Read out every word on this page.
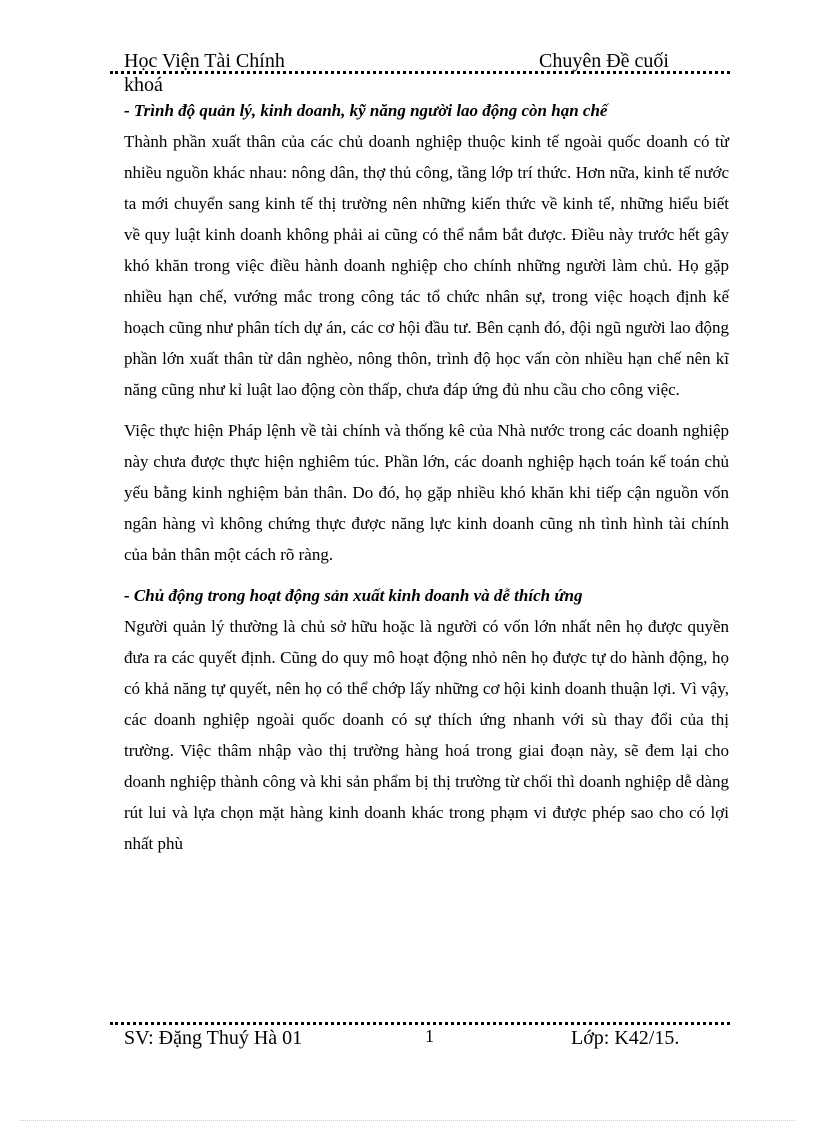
Học Viện Tài Chính	Chuyên Đề cuối
khoá

- Trình độ quản lý, kinh doanh, kỹ năng người lao động còn hạn chế

Thành phần xuất thân của các chủ doanh nghiệp thuộc kinh tế ngoài quốc doanh có từ nhiều nguồn khác nhau: nông dân, thợ thủ công, tầng lớp trí thức. Hơn nữa, kinh tế nước ta mới chuyển sang kinh tế thị trường nên những kiến thức về kinh tế, những hiểu biết về quy luật kinh doanh không phải ai cũng có thể nắm bắt được. Điều này trước hết gây khó khăn trong việc điều hành doanh nghiệp cho chính những người làm chủ. Họ gặp nhiều hạn chế, vướng mắc trong công tác tổ chức nhân sự, trong việc hoạch định kế hoạch cũng như phân tích dự án, các cơ hội đầu tư. Bên cạnh đó, đội ngũ người lao động phần lớn xuất thân từ dân nghèo, nông thôn, trình độ học vấn còn nhiều hạn chế nên kĩ năng cũng như kỉ luật lao động còn thấp, chưa đáp ứng đủ nhu cầu cho công việc.

Việc thực hiện Pháp lệnh về tài chính và thống kê của Nhà nước trong các doanh nghiệp này chưa được thực hiện nghiêm túc. Phần lớn, các doanh nghiệp hạch toán kế toán chủ yếu bằng kinh nghiệm bản thân. Do đó, họ gặp nhiều khó khăn khi tiếp cận nguồn vốn ngân hàng vì không chứng thực được năng lực kinh doanh cũng nh tình hình tài chính của bản thân một cách rõ ràng.

- Chủ động trong hoạt động sản xuất kinh doanh và dễ thích ứng

Người quản lý thường là chủ sở hữu hoặc là người có vốn lớn nhất nên họ được quyền đưa ra các quyết định. Cũng do quy mô hoạt động nhỏ nên họ được tự do hành động, họ có khả năng tự quyết, nên họ có thể chớp lấy những cơ hội kinh doanh thuận lợi. Vì vậy, các doanh nghiệp ngoài quốc doanh có sự thích ứng nhanh với sù thay đổi của thị trường. Việc thâm nhập vào thị trường hàng hoá trong giai đoạn này, sẽ đem lại cho doanh nghiệp thành công và khi sản phẩm bị thị trường từ chối thì doanh nghiệp dễ dàng rút lui và lựa chọn mặt hàng kinh doanh khác trong phạm vi được phép sao cho có lợi nhất phù

SV: Đặng Thuý Hà 01	1	Lớp: K42/15.
